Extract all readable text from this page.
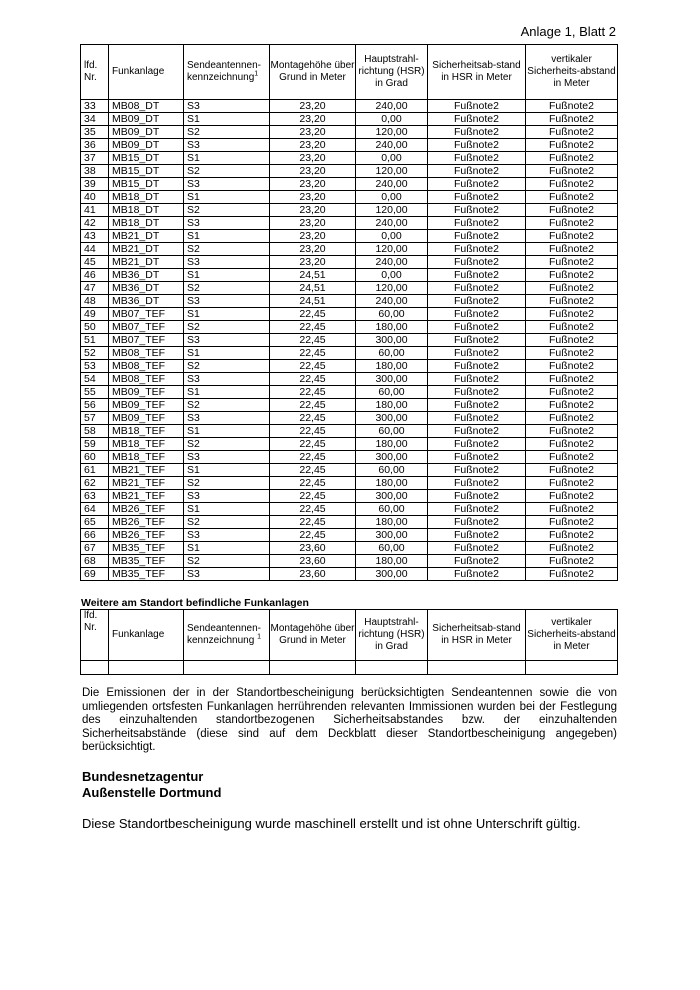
Anlage 1, Blatt 2
lfd. Nr.	Funkanlage	Sendeantennen-kennzeichnung$^1$	Montagehöhe über Grund in Meter	Hauptstrahl-richtung (HSR) in Grad	Sicherheitsab-stand in HSR in Meter	vertikaler Sicherheits-abstand in Meter
33	MB08_DT	S3	23,20	240,00	Fußnote2	Fußnote2
34	MB09_DT	S1	23,20	0,00	Fußnote2	Fußnote2
35	MB09_DT	S2	23,20	120,00	Fußnote2	Fußnote2
36	MB09_DT	S3	23,20	240,00	Fußnote2	Fußnote2
37	MB15_DT	S1	23,20	0,00	Fußnote2	Fußnote2
38	MB15_DT	S2	23,20	120,00	Fußnote2	Fußnote2
39	MB15_DT	S3	23,20	240,00	Fußnote2	Fußnote2
40	MB18_DT	S1	23,20	0,00	Fußnote2	Fußnote2
41	MB18_DT	S2	23,20	120,00	Fußnote2	Fußnote2
42	MB18_DT	S3	23,20	240,00	Fußnote2	Fußnote2
43	MB21_DT	S1	23,20	0,00	Fußnote2	Fußnote2
44	MB21_DT	S2	23,20	120,00	Fußnote2	Fußnote2
45	MB21_DT	S3	23,20	240,00	Fußnote2	Fußnote2
46	MB36_DT	S1	24,51	0,00	Fußnote2	Fußnote2
47	MB36_DT	S2	24,51	120,00	Fußnote2	Fußnote2
48	MB36_DT	S3	24,51	240,00	Fußnote2	Fußnote2
49	MB07_TEF	S1	22,45	60,00	Fußnote2	Fußnote2
50	MB07_TEF	S2	22,45	180,00	Fußnote2	Fußnote2
51	MB07_TEF	S3	22,45	300,00	Fußnote2	Fußnote2
52	MB08_TEF	S1	22,45	60,00	Fußnote2	Fußnote2
53	MB08_TEF	S2	22,45	180,00	Fußnote2	Fußnote2
54	MB08_TEF	S3	22,45	300,00	Fußnote2	Fußnote2
55	MB09_TEF	S1	22,45	60,00	Fußnote2	Fußnote2
56	MB09_TEF	S2	22,45	180,00	Fußnote2	Fußnote2
57	MB09_TEF	S3	22,45	300,00	Fußnote2	Fußnote2
58	MB18_TEF	S1	22,45	60,00	Fußnote2	Fußnote2
59	MB18_TEF	S2	22,45	180,00	Fußnote2	Fußnote2
60	MB18_TEF	S3	22,45	300,00	Fußnote2	Fußnote2
61	MB21_TEF	S1	22,45	60,00	Fußnote2	Fußnote2
62	MB21_TEF	S2	22,45	180,00	Fußnote2	Fußnote2
63	MB21_TEF	S3	22,45	300,00	Fußnote2	Fußnote2
64	MB26_TEF	S1	22,45	60,00	Fußnote2	Fußnote2
65	MB26_TEF	S2	22,45	180,00	Fußnote2	Fußnote2
66	MB26_TEF	S3	22,45	300,00	Fußnote2	Fußnote2
67	MB35_TEF	S1	23,60	60,00	Fußnote2	Fußnote2
68	MB35_TEF	S2	23,60	180,00	Fußnote2	Fußnote2
69	MB35_TEF	S3	23,60	300,00	Fußnote2	Fußnote2
Weitere am Standort befindliche Funkanlagen
lfd. Nr.	Funkanlage	Sendeantennen-kennzeichnung $^1$	Montagehöhe über Grund in Meter	Hauptstrahl-richtung (HSR) in Grad	Sicherheitsab-stand in HSR in Meter	vertikaler Sicherheits-abstand in Meter

Die Emissionen der in der Standortbescheinigung berücksichtigten Sendeantennen sowie die von umliegenden ortsfesten Funkanlagen herrührenden relevanten Immissionen wurden bei der Festlegung des einzuhaltenden standortbezogenen Sicherheitsabstandes bzw. der einzuhaltenden Sicherheitsabstände (diese sind auf dem Deckblatt dieser Standortbescheinigung angegeben) berücksichtigt.
Bundesnetzagentur
Außenstelle Dortmund
Diese Standortbescheinigung wurde maschinell erstellt und ist ohne Unterschrift gültig.
